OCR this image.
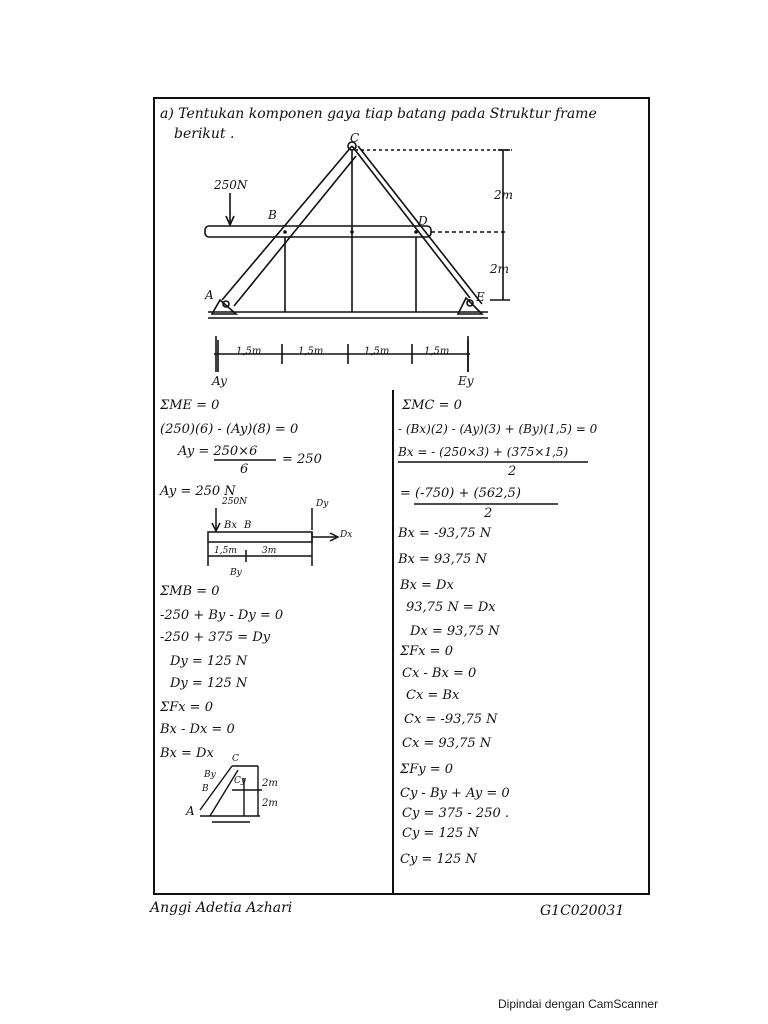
a) Tentukan komponen gaya tiap batang pada Struktur frame
berikut .	C
B	D
A	E
250N
2m
2m
1,5m	1,5m	1,5m	1,5m
Ay	Ey
ΣME = 0
(250)(6) - (Ay)(8) = 0
Ay = 250×6
6
= 250
Ay = 250 N
250N	Dy
Dx
B
Bx
By
1,5m	3m
ΣMB = 0
-250 + By - Dy = 0
-250 + 375 = Dy
Dy = 125 N
Dy = 125 N
ΣFx = 0
Bx - Dx = 0
Bx = Dx C
By
B
Cy
A
2m
2m
ΣMC = 0
- (Bx)(2) - (Ay)(3) + (By)(1,5) = 0
Bx = - (250×3) + (375×1,5)
2
= (-750) + (562,5)
2
Bx = -93,75 N
Bx = 93,75 N
Bx = Dx
93,75 N = Dx
Dx = 93,75 N
ΣFx = 0
Cx - Bx = 0
Cx = Bx
Cx = -93,75 N
Cx = 93,75 N
ΣFy = 0
Cy - By + Ay = 0
Cy = 375 - 250 .
Cy = 125 N
Cy = 125 N
Anggi Adetia Azhari	G1C020031
Dipindai dengan CamScanner
